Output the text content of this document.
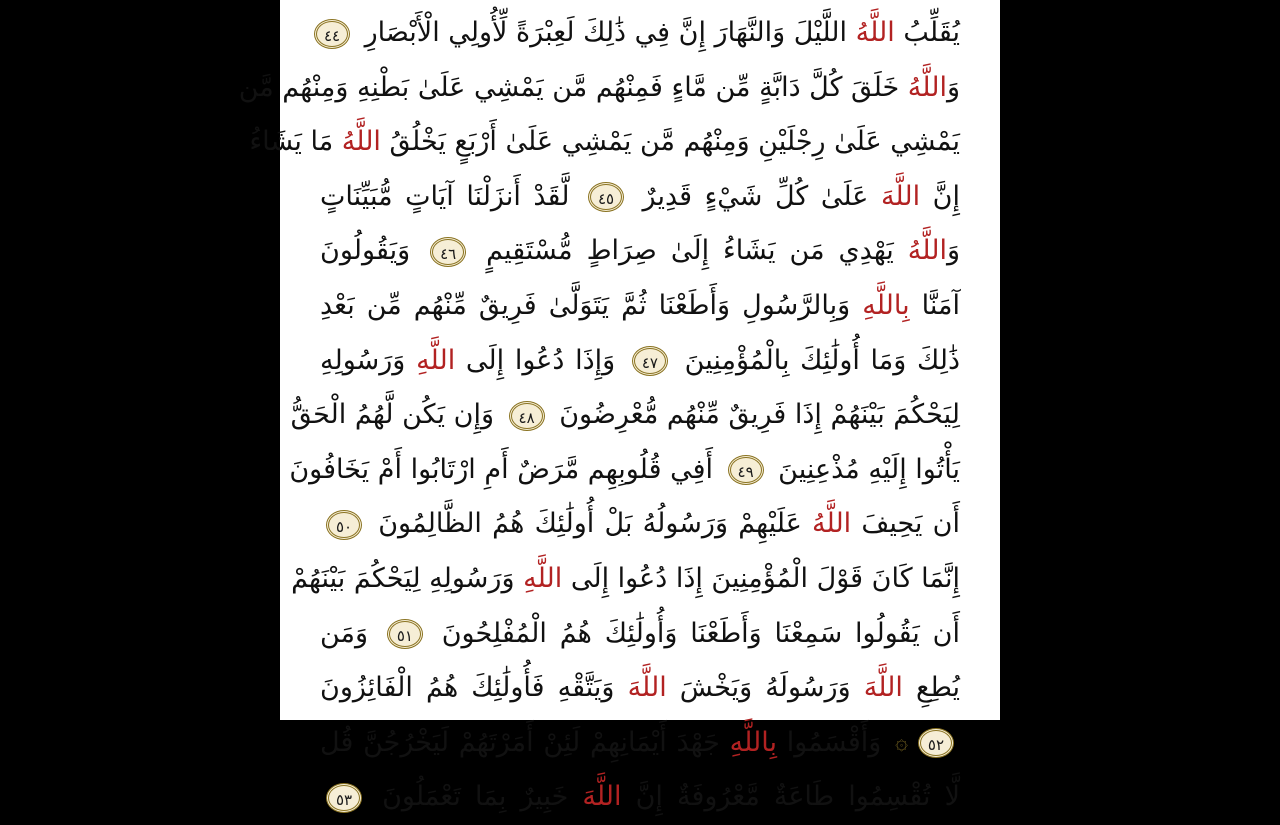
يُقَلِّبُ اللَّهُ اللَّيْلَ وَالنَّهَارَ إِنَّ فِي ذَٰلِكَ لَعِبْرَةً لِّأُولِي الْأَبْصَارِ ٤٤
وَاللَّهُ خَلَقَ كُلَّ دَابَّةٍ مِّن مَّاءٍ فَمِنْهُم مَّن يَمْشِي عَلَىٰ بَطْنِهِ وَمِنْهُم مَّن
يَمْشِي عَلَىٰ رِجْلَيْنِ وَمِنْهُم مَّن يَمْشِي عَلَىٰ أَرْبَعٍ يَخْلُقُ اللَّهُ مَا يَشَاءُ
إِنَّ اللَّهَ عَلَىٰ كُلِّ شَيْءٍ قَدِيرٌ ٤٥ لَّقَدْ أَنزَلْنَا آيَاتٍ مُّبَيِّنَاتٍ
وَاللَّهُ يَهْدِي مَن يَشَاءُ إِلَىٰ صِرَاطٍ مُّسْتَقِيمٍ ٤٦ وَيَقُولُونَ
آمَنَّا بِاللَّهِ وَبِالرَّسُولِ وَأَطَعْنَا ثُمَّ يَتَوَلَّىٰ فَرِيقٌ مِّنْهُم مِّن بَعْدِ
ذَٰلِكَ وَمَا أُولَٰئِكَ بِالْمُؤْمِنِينَ ٤٧ وَإِذَا دُعُوا إِلَى اللَّهِ وَرَسُولِهِ
لِيَحْكُمَ بَيْنَهُمْ إِذَا فَرِيقٌ مِّنْهُم مُّعْرِضُونَ ٤٨ وَإِن يَكُن لَّهُمُ الْحَقُّ
يَأْتُوا إِلَيْهِ مُذْعِنِينَ ٤٩ أَفِي قُلُوبِهِم مَّرَضٌ أَمِ ارْتَابُوا أَمْ يَخَافُونَ
أَن يَحِيفَ اللَّهُ عَلَيْهِمْ وَرَسُولُهُ بَلْ أُولَٰئِكَ هُمُ الظَّالِمُونَ ٥٠
إِنَّمَا كَانَ قَوْلَ الْمُؤْمِنِينَ إِذَا دُعُوا إِلَى اللَّهِ وَرَسُولِهِ لِيَحْكُمَ بَيْنَهُمْ
أَن يَقُولُوا سَمِعْنَا وَأَطَعْنَا وَأُولَٰئِكَ هُمُ الْمُفْلِحُونَ ٥١ وَمَن
يُطِعِ اللَّهَ وَرَسُولَهُ وَيَخْشَ اللَّهَ وَيَتَّقْهِ فَأُولَٰئِكَ هُمُ الْفَائِزُونَ
٥٢۞ وَأَقْسَمُوا بِاللَّهِ جَهْدَ أَيْمَانِهِمْ لَئِنْ أَمَرْتَهُمْ لَيَخْرُجُنَّ قُل
لَّا تُقْسِمُوا طَاعَةٌ مَّعْرُوفَةٌ إِنَّ اللَّهَ خَبِيرٌ بِمَا تَعْمَلُونَ ٥٣
